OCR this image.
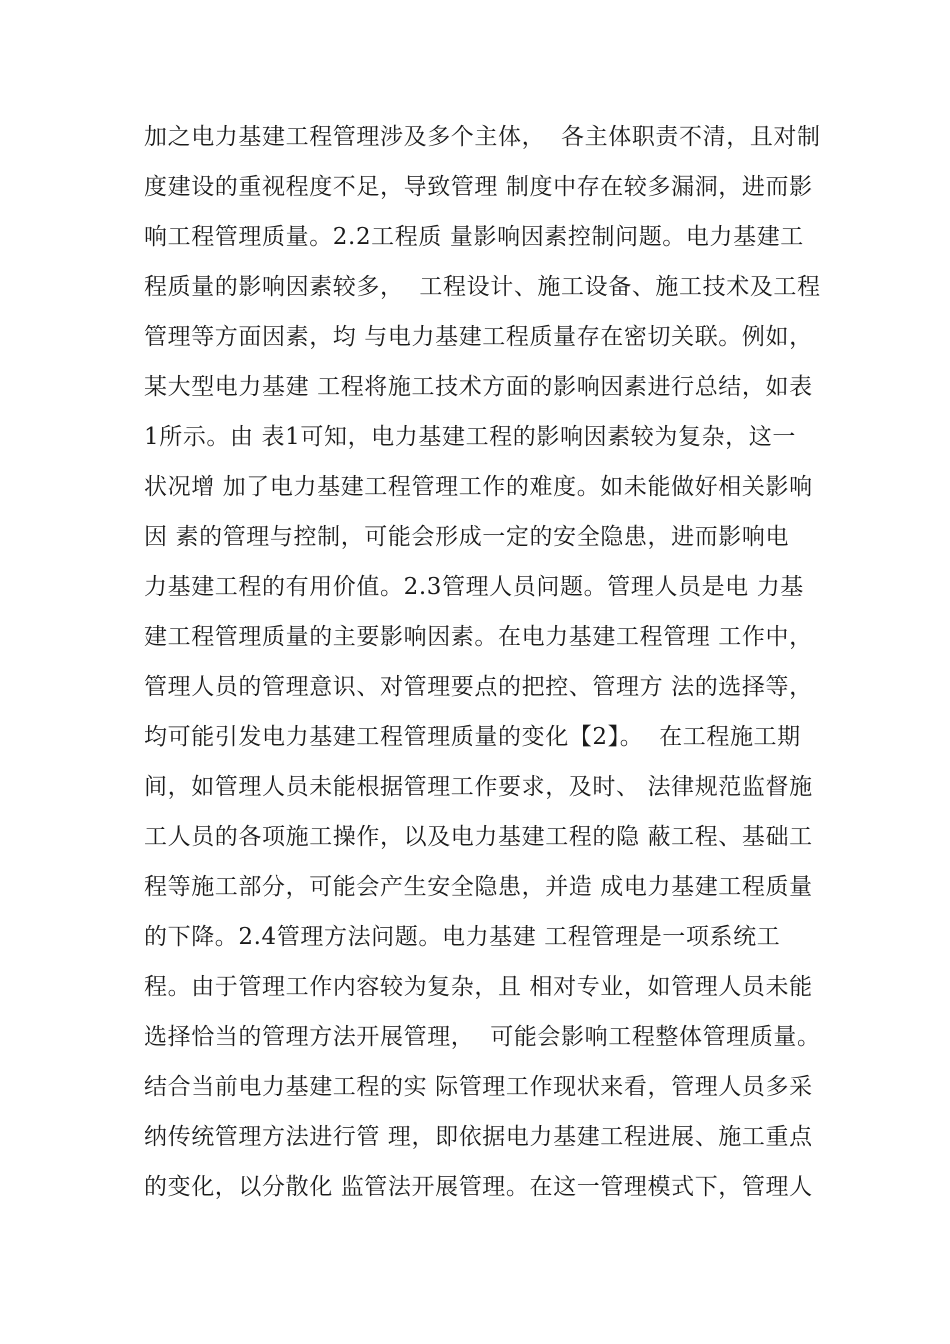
加之电力基建工程管理涉及多个主体，  各主体职责不清，且对制
度建设的重视程度不足，导致管理 制度中存在较多漏洞，进而影
响工程管理质量。2.2工程质 量影响因素控制问题。电力基建工
程质量的影响因素较多，  工程设计、施工设备、施工技术及工程
管理等方面因素，均 与电力基建工程质量存在密切关联。例如，
某大型电力基建 工程将施工技术方面的影响因素进行总结，如表
1所示。由 表1可知，电力基建工程的影响因素较为复杂，这一
状况增 加了电力基建工程管理工作的难度。如未能做好相关影响
因 素的管理与控制，可能会形成一定的安全隐患，进而影响电
力基建工程的有用价值。2.3管理人员问题。管理人员是电 力基
建工程管理质量的主要影响因素。在电力基建工程管理 工作中，
管理人员的管理意识、对管理要点的把控、管理方 法的选择等，
均可能引发电力基建工程管理质量的变化【2】。  在工程施工期
间，如管理人员未能根据管理工作要求，及时、 法律规范监督施
工人员的各项施工操作，以及电力基建工程的隐 蔽工程、基础工
程等施工部分，可能会产生安全隐患，并造 成电力基建工程质量
的下降。2.4管理方法问题。电力基建 工程管理是一项系统工
程。由于管理工作内容较为复杂，且 相对专业，如管理人员未能
选择恰当的管理方法开展管理，  可能会影响工程整体管理质量。
结合当前电力基建工程的实 际管理工作现状来看，管理人员多采
纳传统管理方法进行管 理，即依据电力基建工程进展、施工重点
的变化，以分散化 监管法开展管理。在这一管理模式下，管理人
